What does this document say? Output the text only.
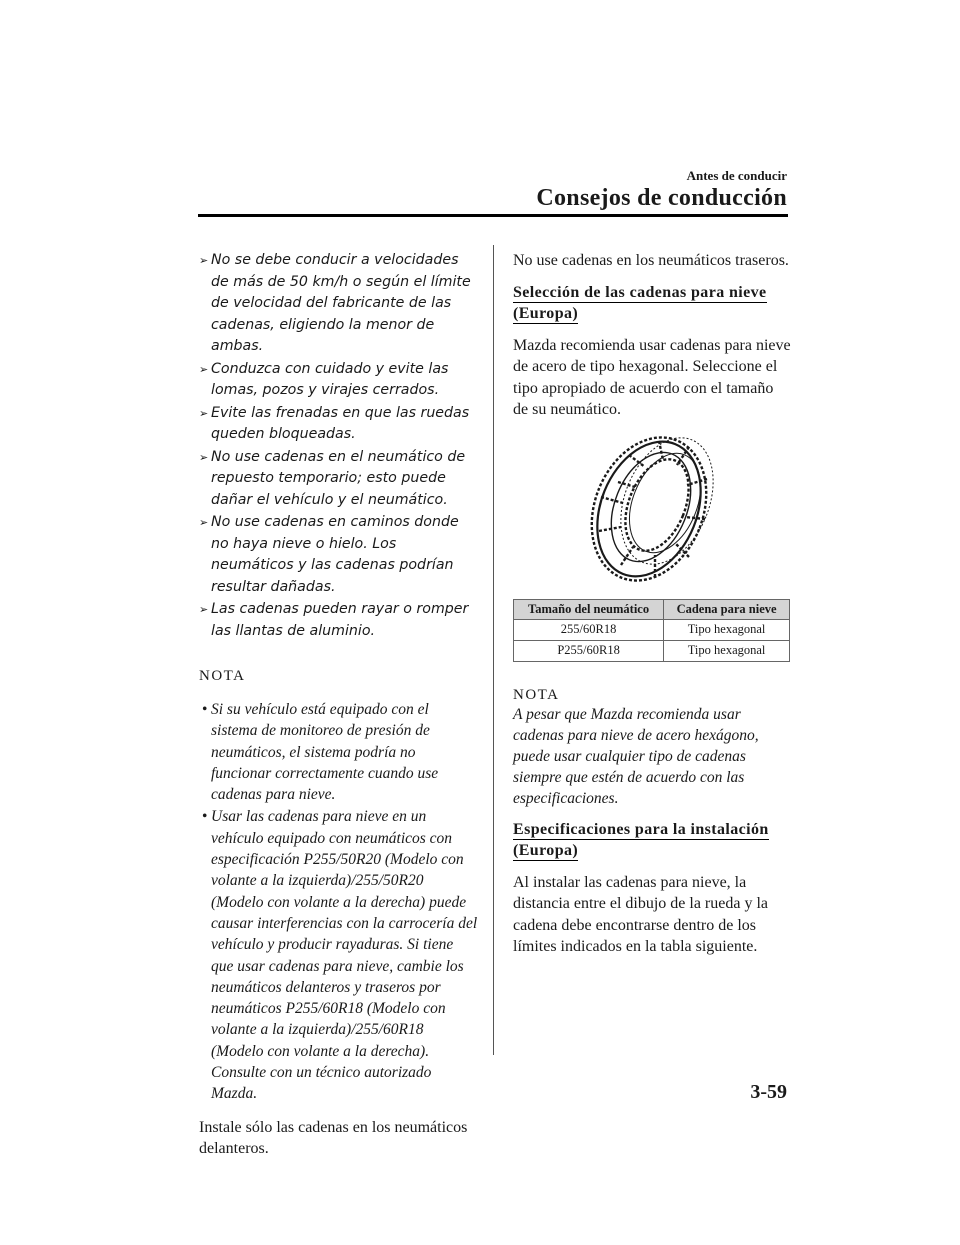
Antes de conducir
Consejos de conducción
➢ No se debe conducir a velocidades de más de 50 km/h o según el límite de velocidad del fabricante de las cadenas, eligiendo la menor de ambas.
➢ Conduzca con cuidado y evite las lomas, pozos y virajes cerrados.
➢ Evite las frenadas en que las ruedas queden bloqueadas.
➢ No use cadenas en el neumático de repuesto temporario; esto puede dañar el vehículo y el neumático.
➢ No use cadenas en caminos donde no haya nieve o hielo. Los neumáticos y las cadenas podrían resultar dañadas.
➢ Las cadenas pueden rayar o romper las llantas de aluminio.
NOTA
• Si su vehículo está equipado con el sistema de monitoreo de presión de neumáticos, el sistema podría no funcionar correctamente cuando use cadenas para nieve.
• Usar las cadenas para nieve en un vehículo equipado con neumáticos con especificación P255/50R20 (Modelo con volante a la izquierda)/255/50R20 (Modelo con volante a la derecha) puede causar interferencias con la carrocería del vehículo y producir rayaduras. Si tiene que usar cadenas para nieve, cambie los neumáticos delanteros y traseros por neumáticos P255/60R18 (Modelo con volante a la izquierda)/255/60R18 (Modelo con volante a la derecha). Consulte con un técnico autorizado Mazda.

Instale sólo las cadenas en los neumáticos delanteros.

No use cadenas en los neumáticos traseros.

Selección de las cadenas para nieve (Europa)

Mazda recomienda usar cadenas para nieve de acero de tipo hexagonal. Seleccione el tipo apropiado de acuerdo con el tamaño de su neumático.

Tamaño del neumático	Cadena para nieve
255/60R18	Tipo hexagonal
P255/60R18	Tipo hexagonal
NOTA

A pesar que Mazda recomienda usar cadenas para nieve de acero hexágono, puede usar cualquier tipo de cadenas siempre que estén de acuerdo con las especificaciones.

Especificaciones para la instalación (Europa)

Al instalar las cadenas para nieve, la distancia entre el dibujo de la rueda y la cadena debe encontrarse dentro de los límites indicados en la tabla siguiente.

3-59
